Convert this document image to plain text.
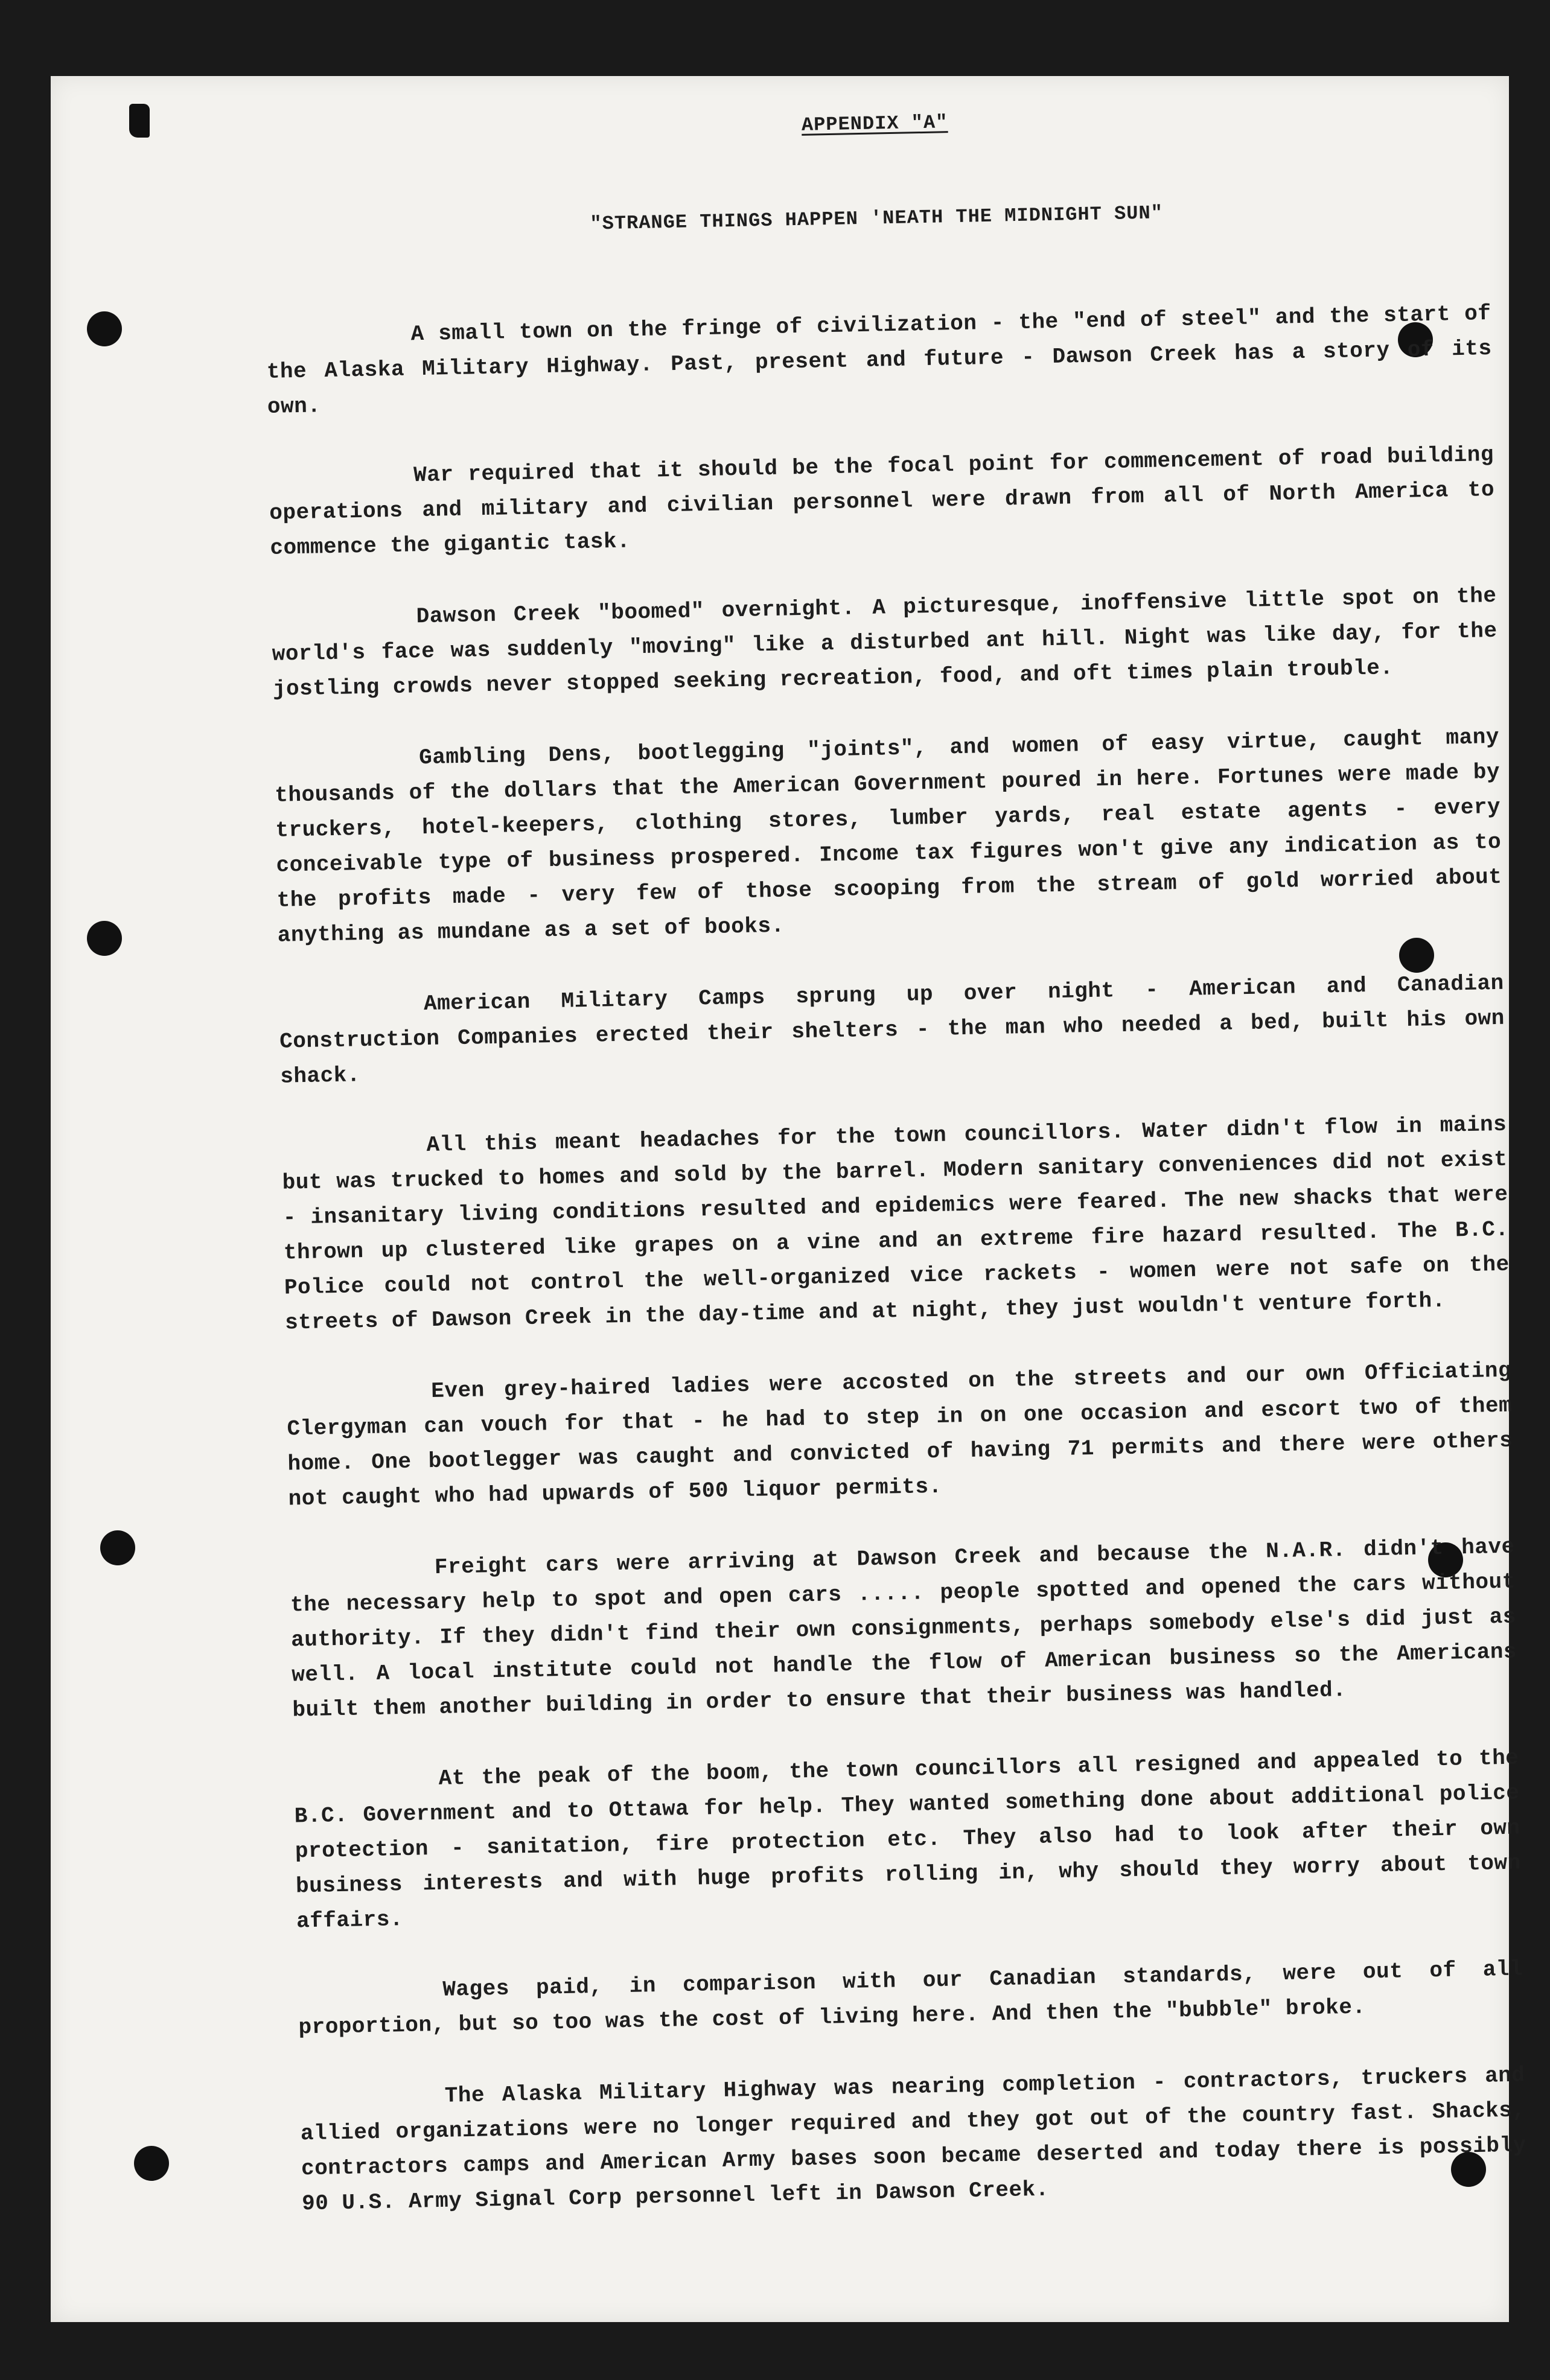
APPENDIX "A"
"STRANGE THINGS HAPPEN 'NEATH THE MIDNIGHT SUN"

A small town on the fringe of civilization - the "end of steel" and the start of the Alaska Military Highway. Past, present and future - Dawson Creek has a story of its own.

War required that it should be the focal point for commencement of road building operations and military and civilian personnel were drawn from all of North America to commence the gigantic task.

Dawson Creek "boomed" overnight. A picturesque, inoffensive little spot on the world's face was suddenly "moving" like a disturbed ant hill. Night was like day, for the jostling crowds never stopped seeking recreation, food, and oft times plain trouble.

Gambling Dens, bootlegging "joints", and women of easy virtue, caught many thousands of the dollars that the American Government poured in here. Fortunes were made by truckers, hotel-keepers, clothing stores, lumber yards, real estate agents - every conceivable type of business prospered. Income tax figures won't give any indication as to the profits made - very few of those scooping from the stream of gold worried about anything as mundane as a set of books.

American Military Camps sprung up over night - American and Canadian Construction Companies erected their shelters - the man who needed a bed, built his own shack.

All this meant headaches for the town councillors. Water didn't flow in mains but was trucked to homes and sold by the barrel. Modern sanitary conveniences did not exist - insanitary living conditions resulted and epidemics were feared. The new shacks that were thrown up clustered like grapes on a vine and an extreme fire hazard resulted. The B.C. Police could not control the well-organized vice rackets - women were not safe on the streets of Dawson Creek in the day-time and at night, they just wouldn't venture forth.

Even grey-haired ladies were accosted on the streets and our own Officiating Clergyman can vouch for that - he had to step in on one occasion and escort two of them home. One bootlegger was caught and convicted of having 71 permits and there were others not caught who had upwards of 500 liquor permits.

Freight cars were arriving at Dawson Creek and because the N.A.R. didn't have the necessary help to spot and open cars ..... people spotted and opened the cars without authority. If they didn't find their own consignments, perhaps somebody else's did just as well. A local institute could not handle the flow of American business so the Americans built them another building in order to ensure that their business was handled.

At the peak of the boom, the town councillors all resigned and appealed to the B.C. Government and to Ottawa for help. They wanted something done about additional police protection - sanitation, fire protection etc. They also had to look after their own business interests and with huge profits rolling in, why should they worry about town affairs.

Wages paid, in comparison with our Canadian standards, were out of all proportion, but so too was the cost of living here. And then the "bubble" broke.

The Alaska Military Highway was nearing completion - contractors, truckers and allied organizations were no longer required and they got out of the country fast. Shacks, contractors camps and American Army bases soon became deserted and today there is possibly 90 U.S. Army Signal Corp personnel left in Dawson Creek.
